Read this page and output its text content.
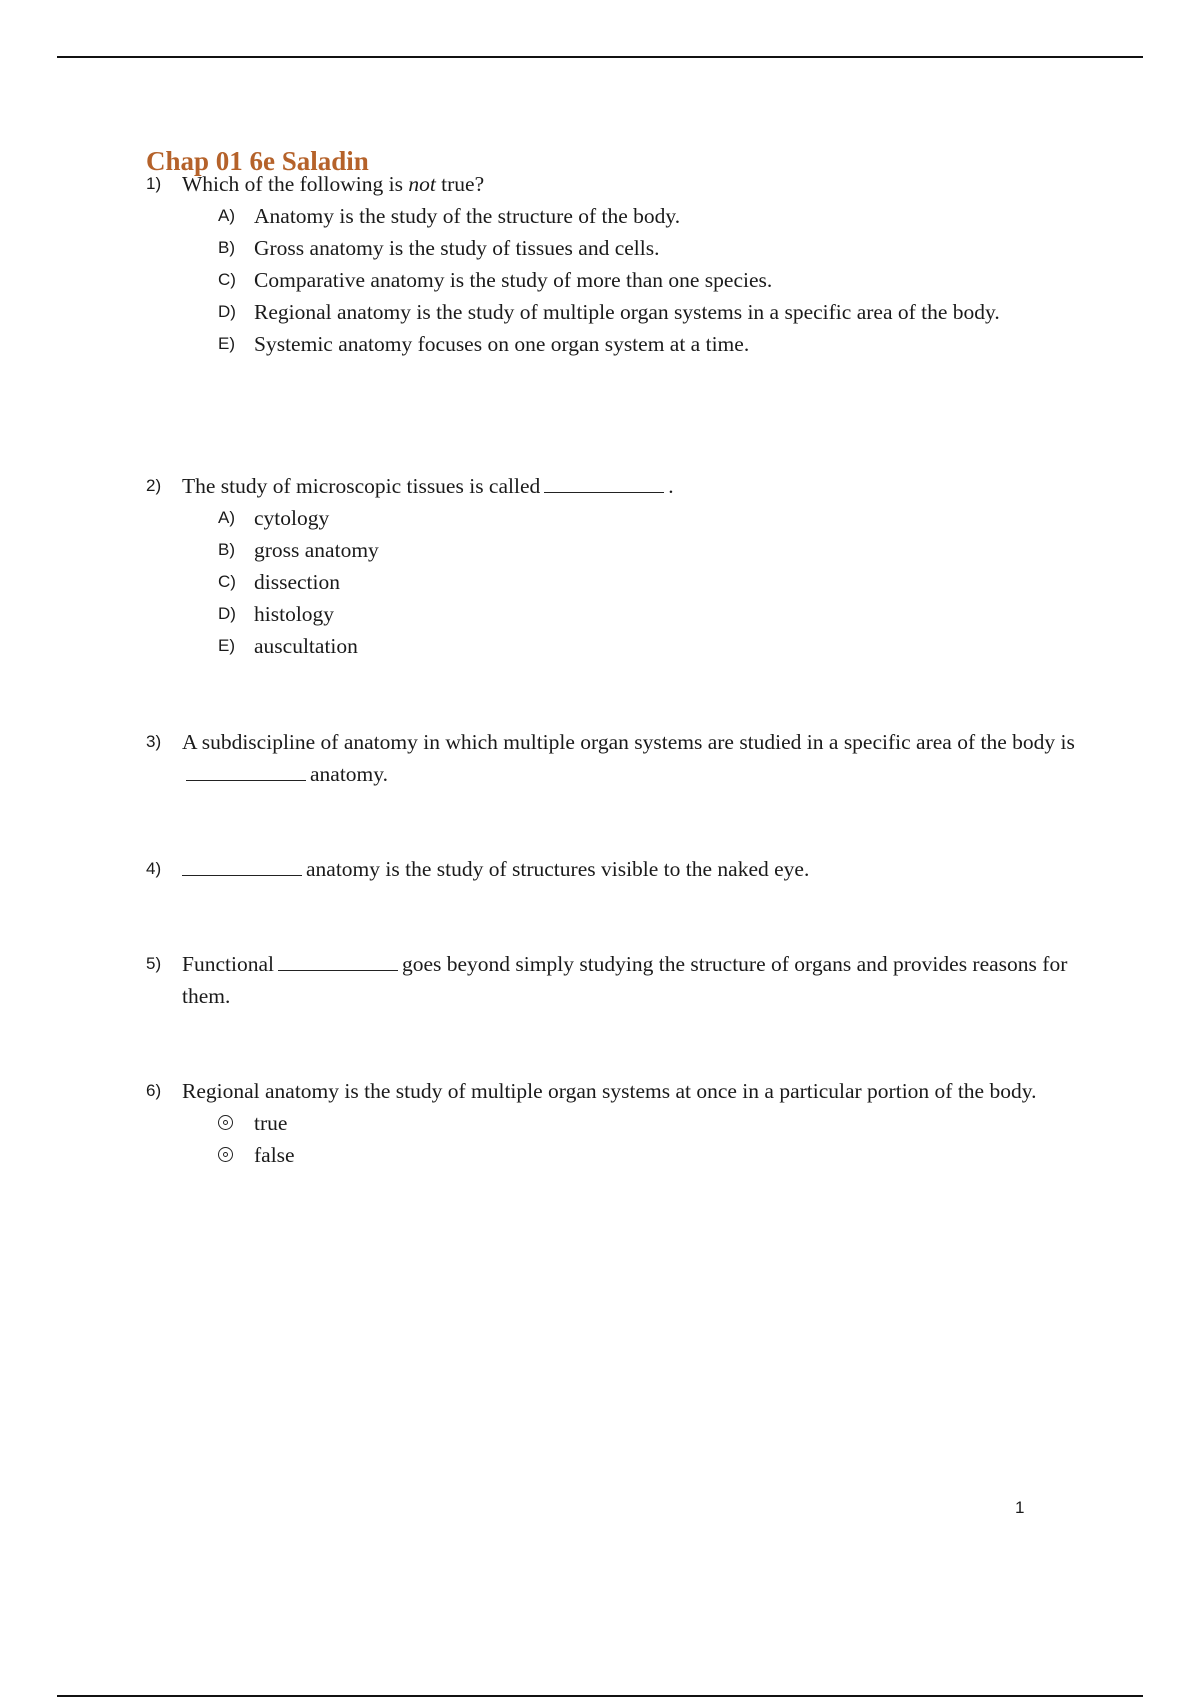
Chap 01 6e Saladin
1) Which of the following is not true?
A) Anatomy is the study of the structure of the body.
B) Gross anatomy is the study of tissues and cells.
C) Comparative anatomy is the study of more than one species.
D) Regional anatomy is the study of multiple organ systems in a specific area of the body.
E) Systemic anatomy focuses on one organ system at a time.
2) The study of microscopic tissues is called	.
A) cytology
B) gross anatomy
C) dissection
D) histology
E) auscultation
3) A subdiscipline of anatomy in which multiple organ systems are studied in a specific area of the body isanatomy.
4)	anatomy is the study of structures visible to the naked eye.
5) Functional	goes beyond simply studying the structure of organs and provides reasons for them.
6) Regional anatomy is the study of multiple organ systems at once in a particular portion of the body.
true
false
1
